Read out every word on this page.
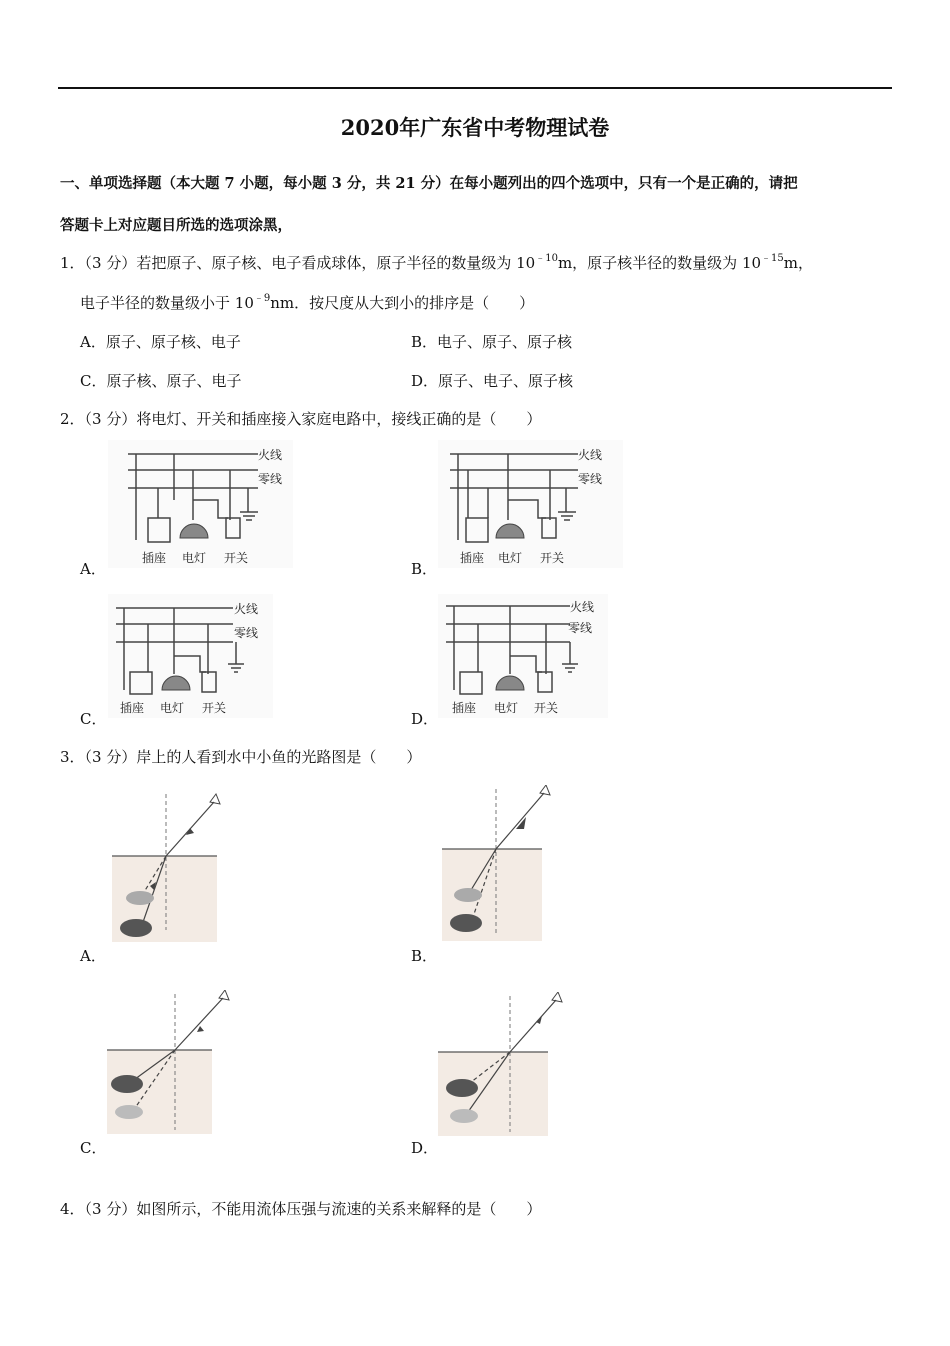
2020年广东省中考物理试卷
一、单项选择题（本大题 7 小题，每小题 3 分，共 21 分）在每小题列出的四个选项中，只有一个是正确的，请把
答题卡上对应题目所选的选项涂黑，
1．（3 分）若把原子、原子核、电子看成球体，原子半径的数量级为 $10^{﹣10}m$，原子核半径的数量级为 $10^{﹣15}m$，
电子半径的数量级小于 $10^{﹣9}nm$．按尺度从大到小的排序是（　　）
A．原子、原子核、电子	B．电子、原子、原子核
C．原子核、原子、电子	D．原子、电子、原子核
2．（3 分）将电灯、开关和插座接入家庭电路中，接线正确的是（　　）
A．	B．
C．	D．
火线
零线
插座 电灯 开关
火线
零线
插座 电灯 开关
火线
零线
插座 电灯 开关
火线
零线
插座 电灯 开关
3．（3 分）岸上的人看到水中小鱼的光路图是（　　）
A．	B．
C．	D．
4．（3 分）如图所示，不能用流体压强与流速的关系来解释的是（　　）
